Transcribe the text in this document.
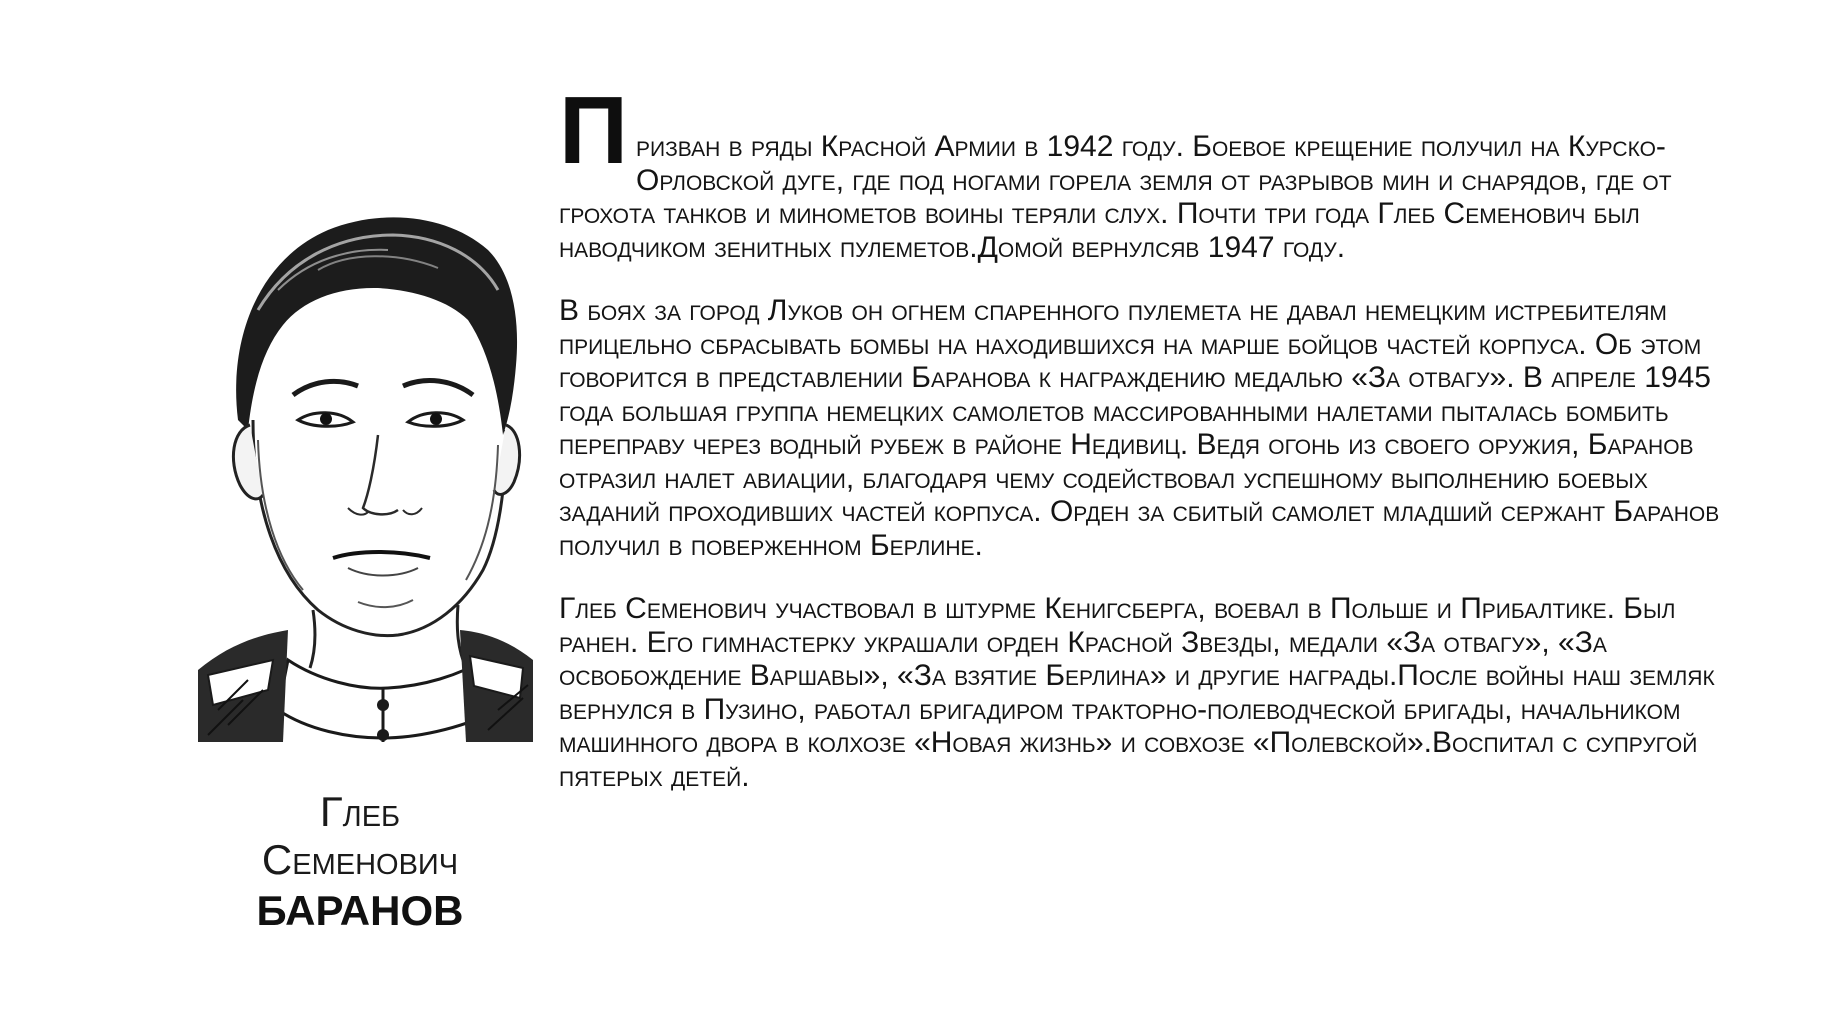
Глеб
Семенович
БАРАНОВ

П ризван в ряды Красной Армии в 1942 году. Боевое крещение получил на Курско-Орловской дуге, где под ногами горела земля от разрывов мин и снарядов, где от грохота танков и минометов воины теряли слух. Почти три года Глеб Семенович был наводчиком зенитных пулеметов.Домой вернулсяв 1947 году.

В боях за город Луков он огнем спаренного пулемета не давал немецким истребителям прицельно сбрасывать бомбы на находившихся на марше бойцов частей корпуса. Об этом говорится в представлении Баранова к награждению медалью «За отвагу». В апреле 1945 года большая группа немецких самолетов массированными налетами пыталась бомбить переправу через водный рубеж в районе Недивиц. Ведя огонь из своего оружия, Баранов отразил налет авиации, благодаря чему содействовал успешному выполнению боевых заданий проходивших частей корпуса. Орден за сбитый самолет младший сержант Баранов получил в поверженном Берлине.

Глеб Семенович участвовал в штурме Кенигсберга, воевал в Польше и Прибалтике. Был ранен. Его гимнастерку украшали орден Красной Звезды, медали «За отвагу», «За освобождение Варшавы», «За взятие Берлина» и другие награды.После войны наш земляк вернулся в Пузино, работал бригадиром тракторно-полеводческой бригады, начальником машинного двора в колхозе «Новая жизнь» и совхозе «Полевской».Воспитал с супругой пятерых детей.
